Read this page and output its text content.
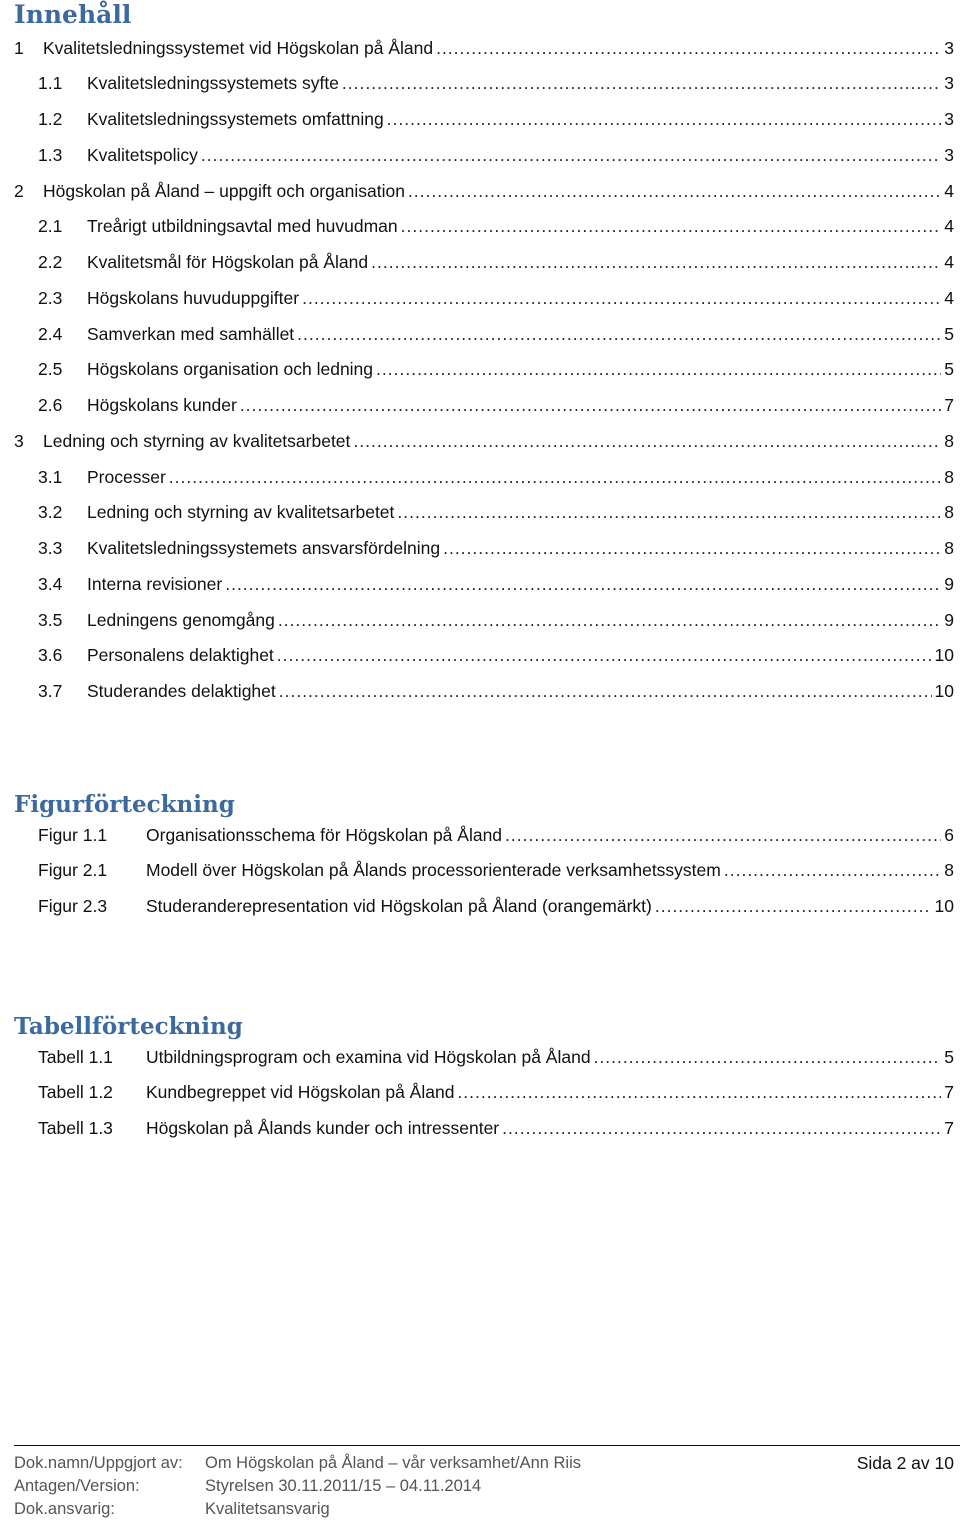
Innehåll
1	Kvalitetsledningssystemet vid Högskolan på Åland .....	3
1.1	Kvalitetsledningssystemets syfte .....	3
1.2	Kvalitetsledningssystemets omfattning .....	3
1.3	Kvalitetspolicy .....	3
2	Högskolan på Åland – uppgift och organisation .....	4
2.1	Treårigt utbildningsavtal med huvudman .....	4
2.2	Kvalitetsmål för Högskolan på Åland .....	4
2.3	Högskolans huvuduppgifter .....	4
2.4	Samverkan med samhället .....	5
2.5	Högskolans organisation och ledning .....	5
2.6	Högskolans kunder .....	7
3	Ledning och styrning av kvalitetsarbetet .....	8
3.1	Processer .....	8
3.2	Ledning och styrning av kvalitetsarbetet .....	8
3.3	Kvalitetsledningssystemets ansvarsfördelning .....	8
3.4	Interna revisioner .....	9
3.5	Ledningens genomgång .....	9
3.6	Personalens delaktighet .....	10
3.7	Studerandes delaktighet .....	10
Figurförteckning
Figur 1.1	Organisationsschema för Högskolan på Åland .....	6
Figur 2.1	Modell över Högskolan på Ålands processorienterade verksamhetssystem .....	8
Figur 2.3	Studeranderepresentation vid Högskolan på Åland (orangemärkt) .....	10
Tabellförteckning
Tabell 1.1	Utbildningsprogram och examina vid Högskolan på Åland .....	5
Tabell 1.2	Kundbegreppet vid Högskolan på Åland .....	7
Tabell 1.3	Högskolan på Ålands kunder och intressenter .....	7
Dok.namn/Uppgjort av: Om Högskolan på Åland – vår verksamhet/Ann Riis	Sida 2 av 10
Antagen/Version:	Styrelsen 30.11.2011/15 – 04.11.2014
Dok.ansvarig:	Kvalitetsansvarig
